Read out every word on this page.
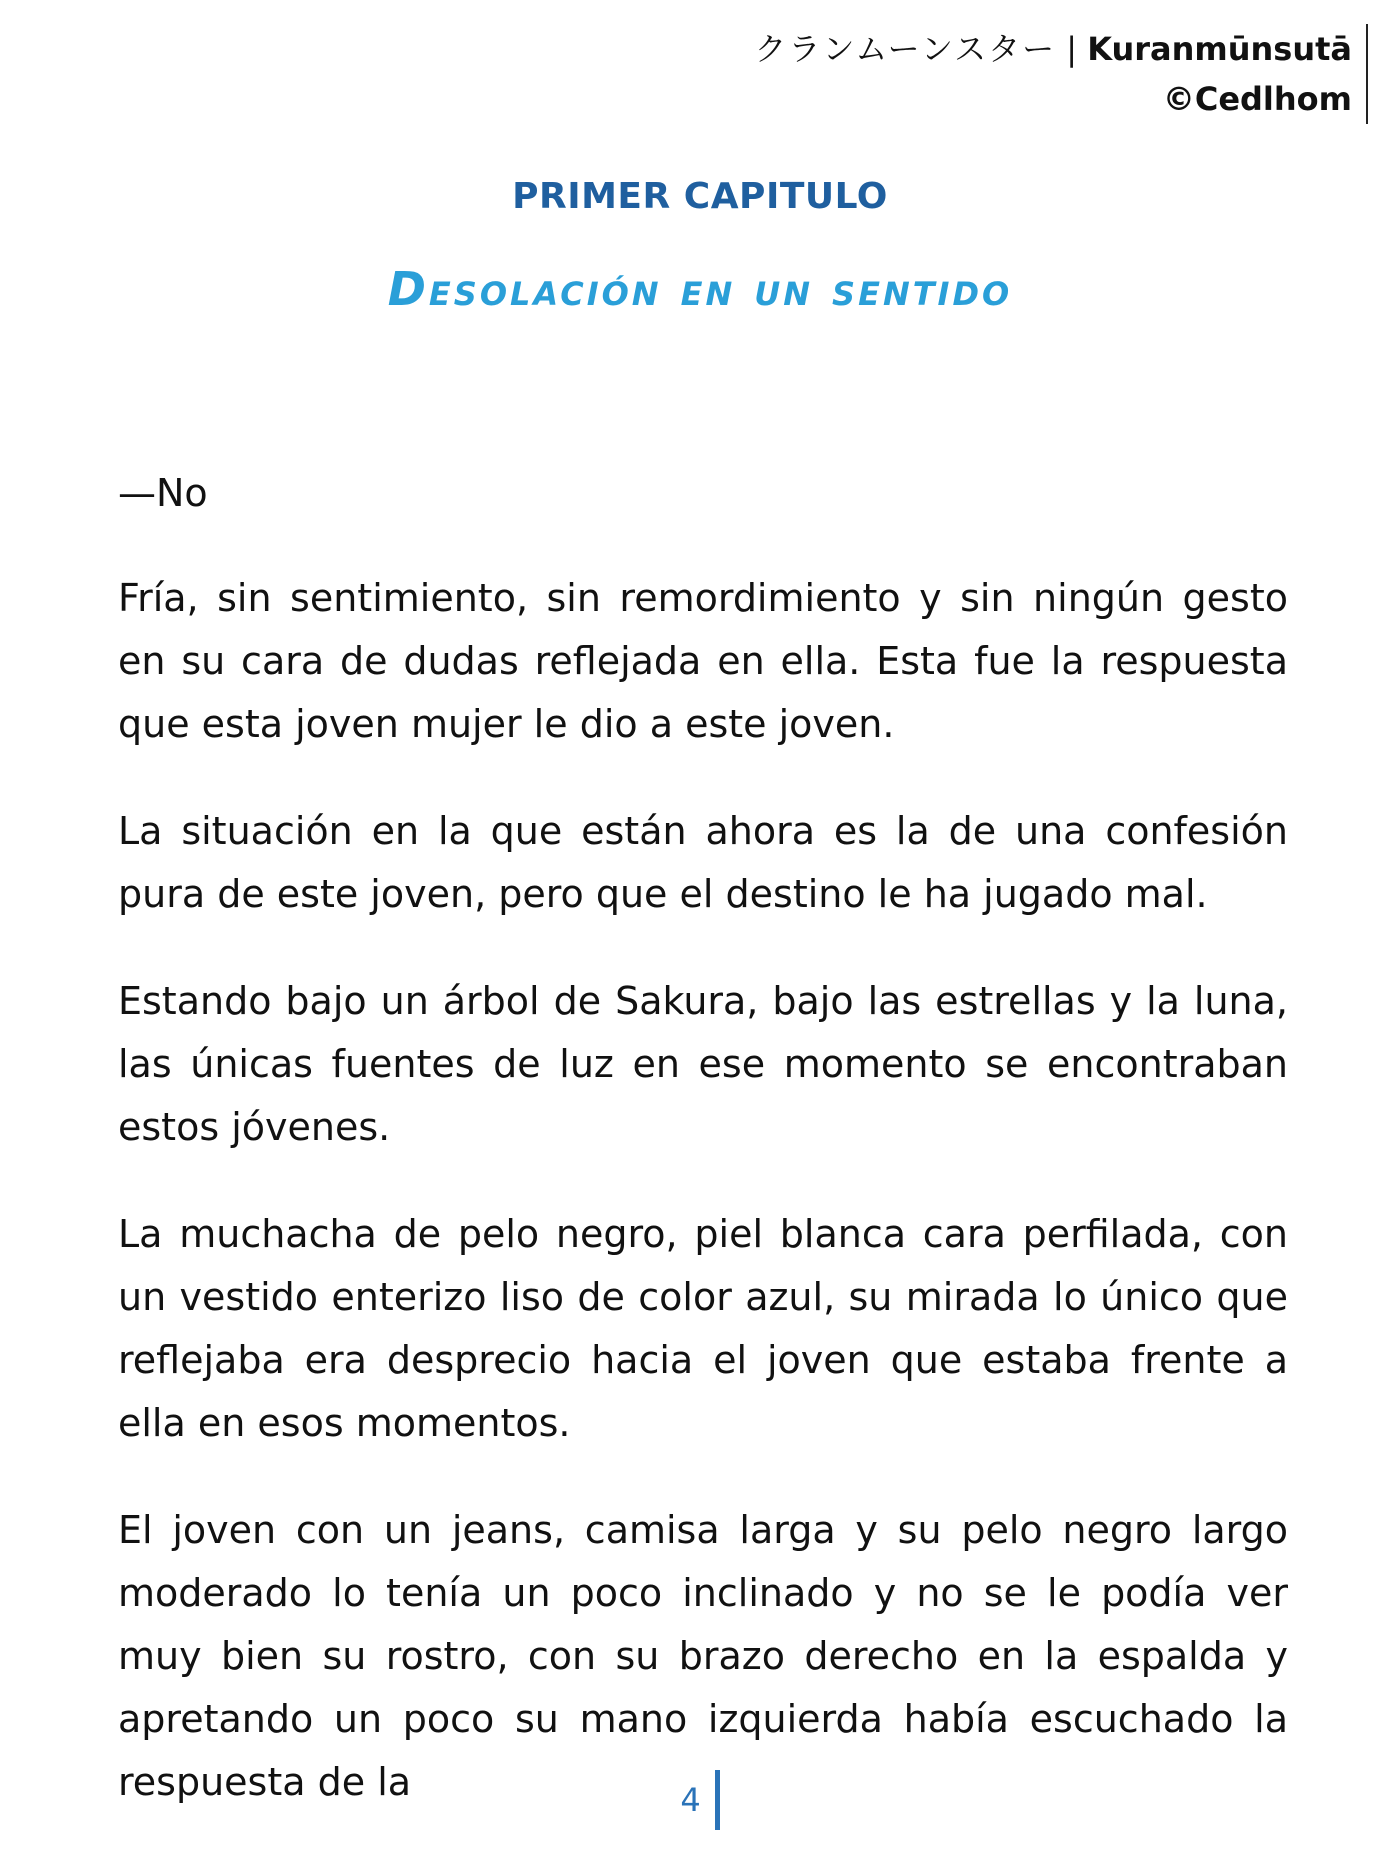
クランムーンスター | Kuranmūnsutā
©Cedlhom
PRIMER CAPITULO
Desolación en un sentido

—No

Fría, sin sentimiento, sin remordimiento y sin ningún gesto en su cara de dudas reflejada en ella. Esta fue la respuesta que esta joven mujer le dio a este joven.

La situación en la que están ahora es la de una confesión pura de este joven, pero que el destino le ha jugado mal.

Estando bajo un árbol de Sakura, bajo las estrellas y la luna, las únicas fuentes de luz en ese momento se encontraban estos jóvenes.

La muchacha de pelo negro, piel blanca cara perfilada, con un vestido enterizo liso de color azul, su mirada lo único que reflejaba era desprecio hacia el joven que estaba frente a ella en esos momentos.

El joven con un jeans, camisa larga y su pelo negro largo moderado lo tenía un poco inclinado y no se le podía ver muy bien su rostro, con su brazo derecho en la espalda y apretando un poco su mano izquierda había escuchado la respuesta de la	4
